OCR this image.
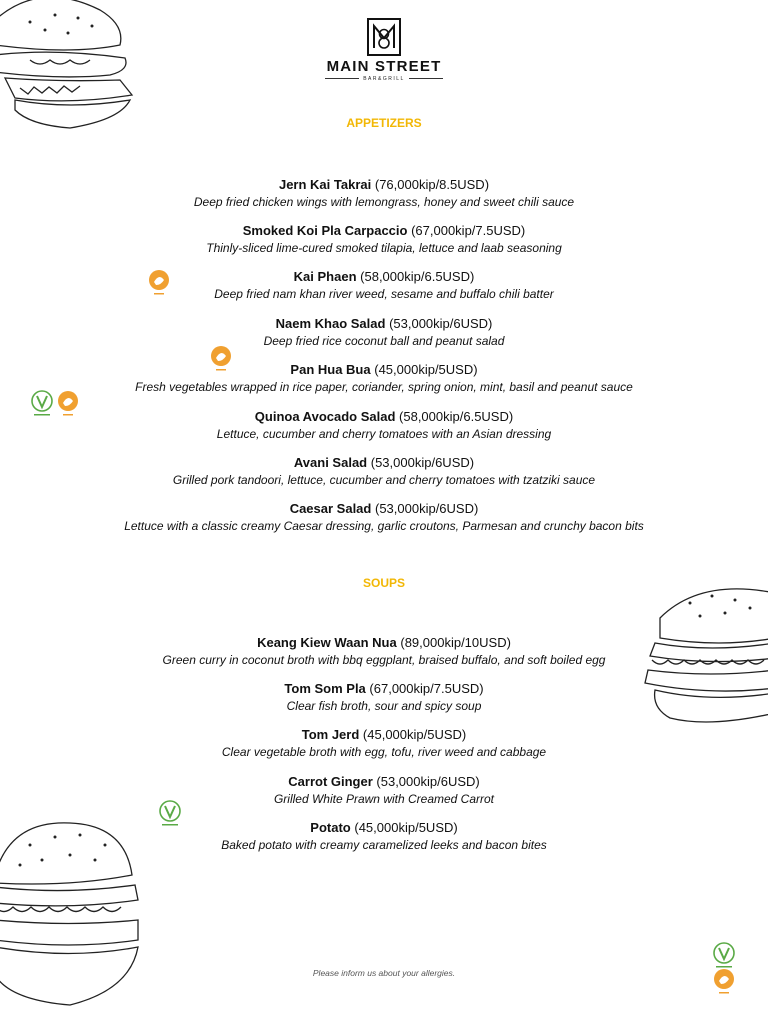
MAIN STREET
BAR&GRILL
APPETIZERS
Jern Kai Takrai (76,000kip/8.5USD)
Deep fried chicken wings with lemongrass, honey and sweet chili sauce
Smoked Koi Pla Carpaccio (67,000kip/7.5USD)
Thinly-sliced lime-cured smoked tilapia, lettuce and laab seasoning
Kai Phaen (58,000kip/6.5USD)
Deep fried nam khan river weed, sesame and buffalo chili batter
Naem Khao Salad (53,000kip/6USD)
Deep fried rice coconut ball and peanut salad
Pan Hua Bua (45,000kip/5USD)
Fresh vegetables wrapped in rice paper, coriander, spring onion, mint, basil and peanut sauce
Quinoa Avocado Salad (58,000kip/6.5USD)
Lettuce, cucumber and cherry tomatoes with an Asian dressing
Avani Salad (53,000kip/6USD)
Grilled pork tandoori, lettuce, cucumber and cherry tomatoes with tzatziki sauce
Caesar Salad (53,000kip/6USD)
Lettuce with a classic creamy Caesar dressing, garlic croutons, Parmesan and crunchy bacon bits
SOUPS
Keang Kiew Waan Nua (89,000kip/10USD)
Green curry in coconut broth with bbq eggplant, braised buffalo, and soft boiled egg
Tom Som Pla (67,000kip/7.5USD)
Clear fish broth, sour and spicy soup
Tom Jerd (45,000kip/5USD)
Clear vegetable broth with egg, tofu, river weed and cabbage
Carrot Ginger (53,000kip/6USD)
Grilled White Prawn with Creamed Carrot
Potato (45,000kip/5USD)
Baked potato with creamy caramelized leeks and bacon bites
Please inform us about your allergies.
